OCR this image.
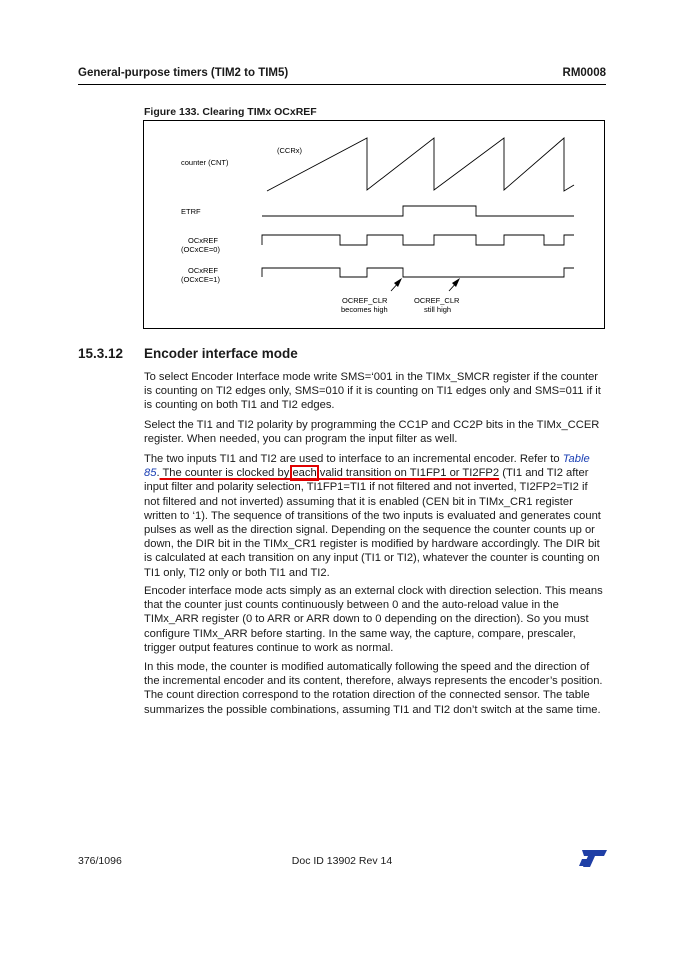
General-purpose timers (TIM2 to TIM5)	RM0008
Figure 133. Clearing TIMx OCxREF
(CCRx)
counter (CNT)
ETRF
OCxREF
(OCxCE=0)
OCxREF
(OCxCE=1)
OCREF_CLR
becomes high
OCREF_CLR
still high
15.3.12 Encoder interface mode

To select Encoder Interface mode write SMS=‘001 in the TIMx_SMCR register if the counter is counting on TI2 edges only, SMS=010 if it is counting on TI1 edges only and SMS=011 if it is counting on both TI1 and TI2 edges.

Select the TI1 and TI2 polarity by programming the CC1P and CC2P bits in the TIMx_CCER register. When needed, you can program the input filter as well.

The two inputs TI1 and TI2 are used to interface to an incremental encoder. Refer to Table 85. The counter is clocked by each valid transition on TI1FP1 or TI2FP2 (TI1 and TI2 after input filter and polarity selection, TI1FP1=TI1 if not filtered and not inverted, TI2FP2=TI2 if not filtered and not inverted) assuming that it is enabled (CEN bit in TIMx_CR1 register written to ‘1). The sequence of transitions of the two inputs is evaluated and generates count pulses as well as the direction signal. Depending on the sequence the counter counts up or down, the DIR bit in the TIMx_CR1 register is modified by hardware accordingly. The DIR bit is calculated at each transition on any input (TI1 or TI2), whatever the counter is counting on TI1 only, TI2 only or both TI1 and TI2.

Encoder interface mode acts simply as an external clock with direction selection. This means that the counter just counts continuously between 0 and the auto-reload value in the TIMx_ARR register (0 to ARR or ARR down to 0 depending on the direction). So you must configure TIMx_ARR before starting. In the same way, the capture, compare, prescaler, trigger output features continue to work as normal.

In this mode, the counter is modified automatically following the speed and the direction of the incremental encoder and its content, therefore, always represents the encoder’s position. The count direction correspond to the rotation direction of the connected sensor. The table summarizes the possible combinations, assuming TI1 and TI2 don’t switch at the same time.

376/1096	Doc ID 13902 Rev 14
